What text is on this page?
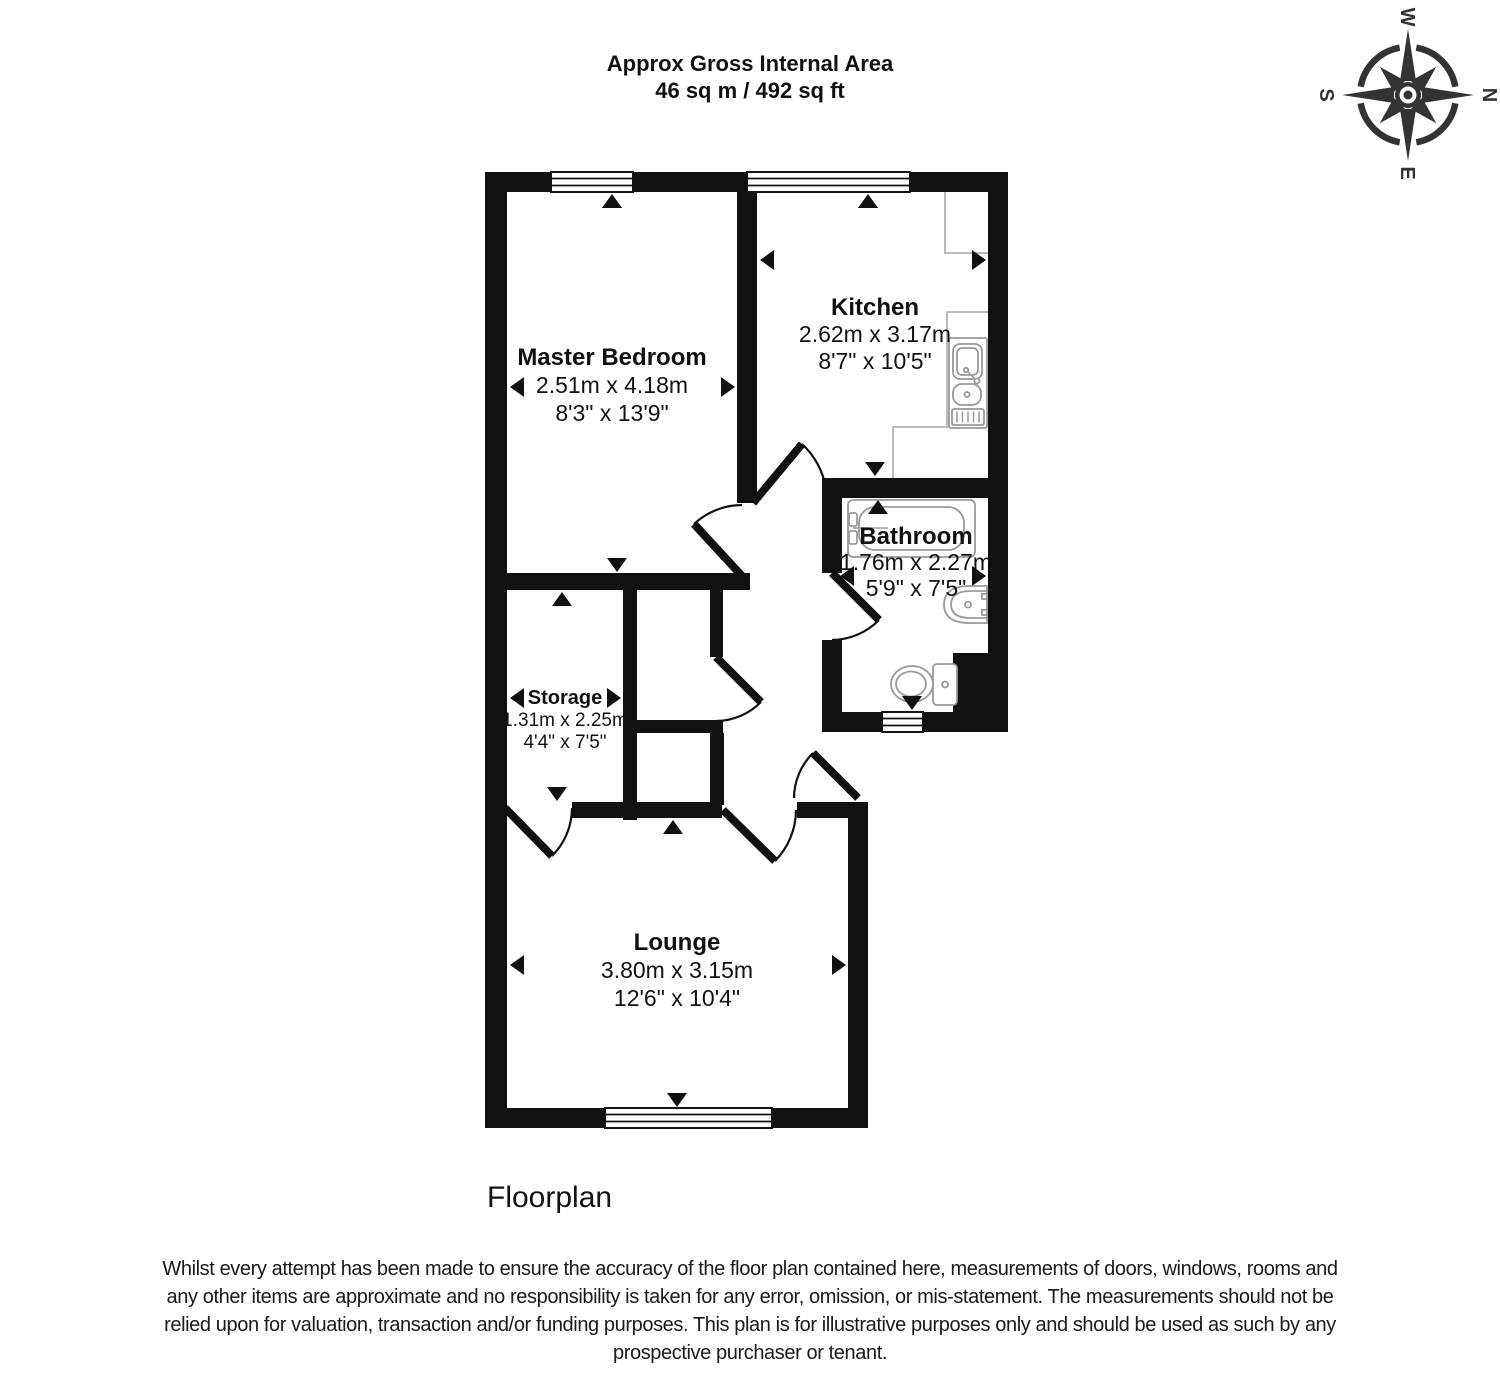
Approx Gross Internal Area
46 sq m / 492 sq ft	N
E
S
W
Master Bedroom
2.51m x 4.18m
8'3" x 13'9"
Kitchen
2.62m x 3.17m
8'7" x 10'5"
Bathroom
1.76m x 2.27m
5'9" x 7'5"
Storage
1.31m x 2.25m
4'4" x 7'5"
Lounge
3.80m x 3.15m
12'6" x 10'4"
Floorplan
Whilst every attempt has been made to ensure the accuracy of the floor plan contained here, measurements of doors, windows, rooms and
any other items are approximate and no responsibility is taken for any error, omission, or mis-statement. The measurements should not be
relied upon for valuation, transaction and/or funding purposes. This plan is for illustrative purposes only and should be used as such by any
prospective purchaser or tenant.
